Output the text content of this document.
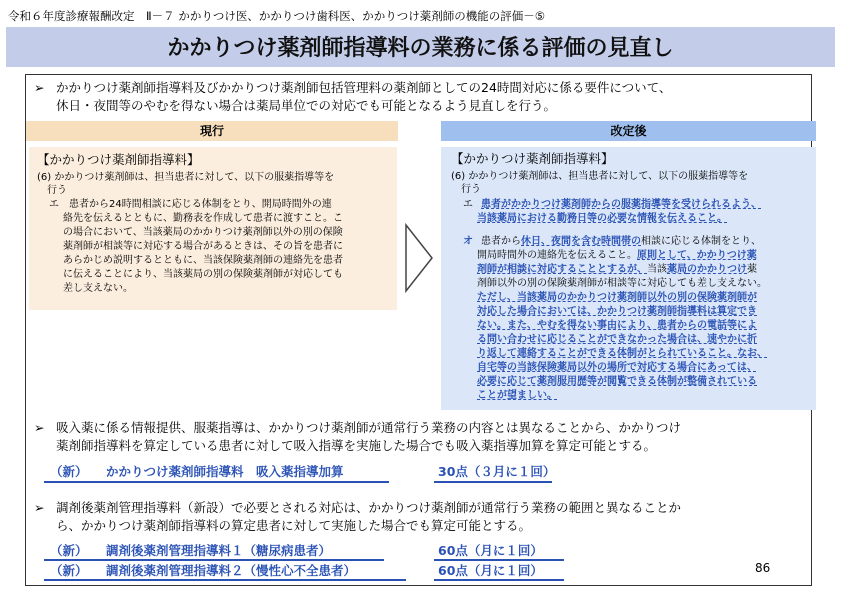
令和６年度診療報酬改定　Ⅱ－７ かかりつけ医、かかりつけ歯科医、かかりつけ薬剤師の機能の評価－⑤
かかりつけ薬剤師指導料の業務に係る評価の見直し
➢ かかりつけ薬剤師指導料及びかかりつけ薬剤師包括管理料の薬剤師としての24時間対応に係る要件について、
休日・夜間等のやむを得ない場合は薬局単位での対応でも可能となるよう見直しを行う。
現行	改定後
【かかりつけ薬剤師指導料】
(6) かかりつけ薬剤師は、担当患者に対して、以下の服薬指導等を
行う
エ　患者から24時間相談に応じる体制をとり、開局時間外の連
絡先を伝えるとともに、勤務表を作成して患者に渡すこと。こ
の場合において、当該薬局のかかりつけ薬剤師以外の別の保険
薬剤師が相談等に対応する場合があるときは、その旨を患者に
あらかじめ説明するとともに、当該保険薬剤師の連絡先を患者
に伝えることにより、当該薬局の別の保険薬剤師が対応しても
差し支えない。
【かかりつけ薬剤師指導料】
(6) かかりつけ薬剤師は、担当患者に対して、以下の服薬指導等を
行う
エ 患者がかかりつけ薬剤師からの服薬指導等を受けられるよう、
当該薬局における勤務日等の必要な情報を伝えること。
オ 患者から休日、夜間を含む時間帯の相談に応じる体制をとり、
開局時間外の連絡先を伝えること。原則として、かかりつけ薬
剤師が相談に対応することとするが、当該薬局のかかりつけ薬
剤師以外の別の保険薬剤師が相談等に対応しても差し支えない。
ただし、当該薬局のかかりつけ薬剤師以外の別の保険薬剤師が
対応した場合においては、かかりつけ薬剤師指導料は算定でき
ない。また、やむを得ない事由により、患者からの電話等によ
る問い合わせに応じることができなかった場合は、速やかに折
り返して連絡することができる体制がとられていること。なお、
自宅等の当該保険薬局以外の場所で対応する場合にあっては、
必要に応じて薬剤服用歴等が閲覧できる体制が整備されている
ことが望ましい。
➢ 吸入薬に係る情報提供、服薬指導は、かかりつけ薬剤師が通常行う業務の内容とは異なることから、かかりつけ
薬剤師指導料を算定している患者に対して吸入指導を実施した場合でも吸入薬指導加算を算定可能とする。
（新） かかりつけ薬剤師指導料　吸入薬指導加算	30点（３月に１回）
➢ 調剤後薬剤管理指導料（新設）で必要とされる対応は、かかりつけ薬剤師が通常行う業務の範囲と異なることか
ら、かかりつけ薬剤師指導料の算定患者に対して実施した場合でも算定可能とする。
（新） 調剤後薬剤管理指導料１（糖尿病患者）	60点（月に１回）
（新） 調剤後薬剤管理指導料２（慢性心不全患者）	60点（月に１回）	86
